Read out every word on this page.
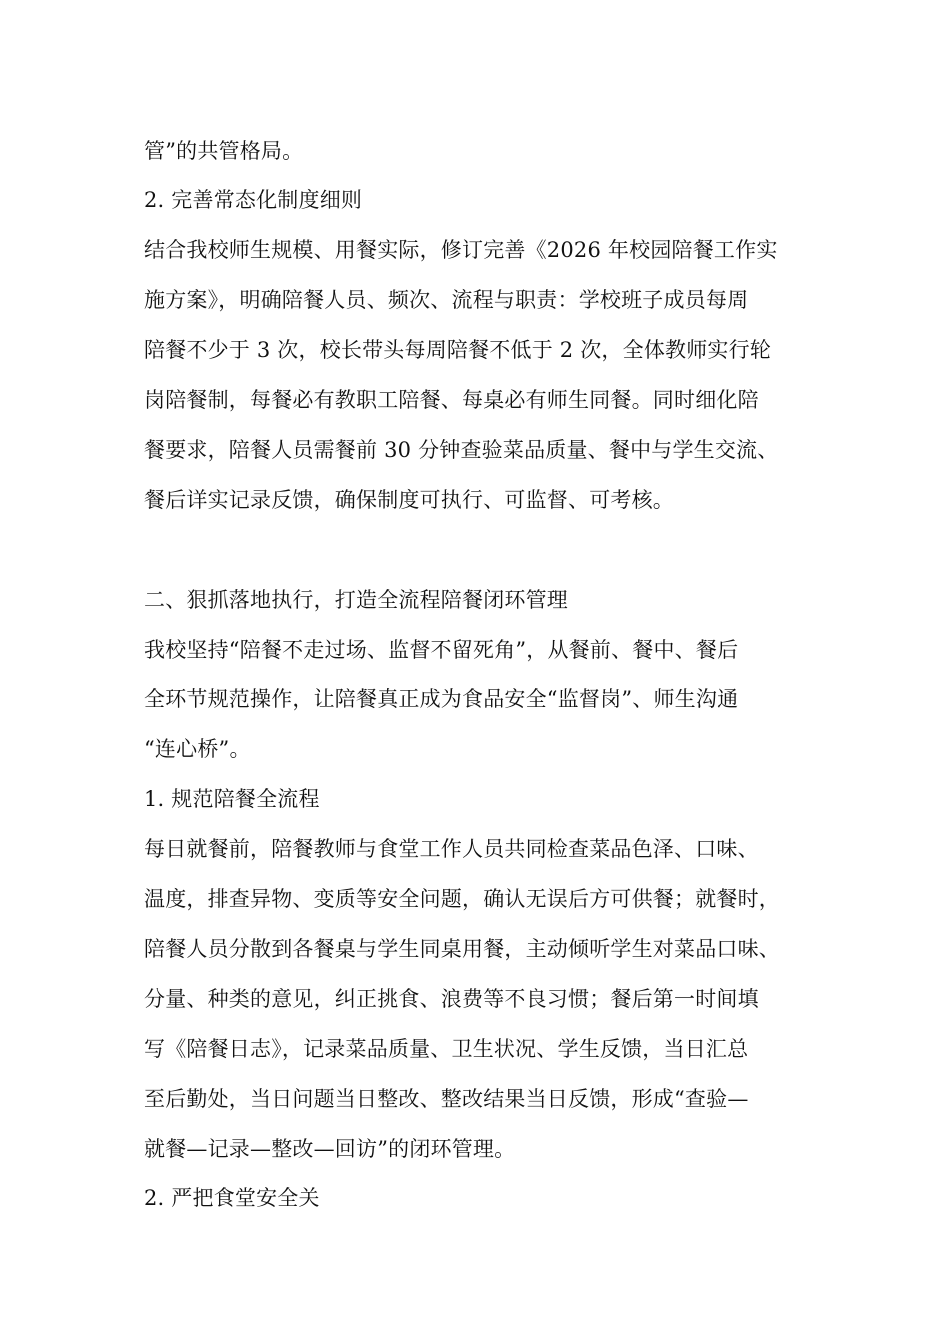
管”的共管格局。
2. 完善常态化制度细则
结合我校师生规模、用餐实际，修订完善《2026 年校园陪餐工作实
施方案》，明确陪餐人员、频次、流程与职责：学校班子成员每周
陪餐不少于 3 次，校长带头每周陪餐不低于 2 次，全体教师实行轮
岗陪餐制，每餐必有教职工陪餐、每桌必有师生同餐。同时细化陪
餐要求，陪餐人员需餐前 30 分钟查验菜品质量、餐中与学生交流、
餐后详实记录反馈，确保制度可执行、可监督、可考核。
二、狠抓落地执行，打造全流程陪餐闭环管理
我校坚持“陪餐不走过场、监督不留死角”，从餐前、餐中、餐后
全环节规范操作，让陪餐真正成为食品安全“监督岗”、师生沟通
“连心桥”。
1. 规范陪餐全流程
每日就餐前，陪餐教师与食堂工作人员共同检查菜品色泽、口味、
温度，排查异物、变质等安全问题，确认无误后方可供餐；就餐时，
陪餐人员分散到各餐桌与学生同桌用餐，主动倾听学生对菜品口味、
分量、种类的意见，纠正挑食、浪费等不良习惯；餐后第一时间填
写《陪餐日志》，记录菜品质量、卫生状况、学生反馈，当日汇总
至后勤处，当日问题当日整改、整改结果当日反馈，形成“查验—
就餐—记录—整改—回访”的闭环管理。
2. 严把食堂安全关
